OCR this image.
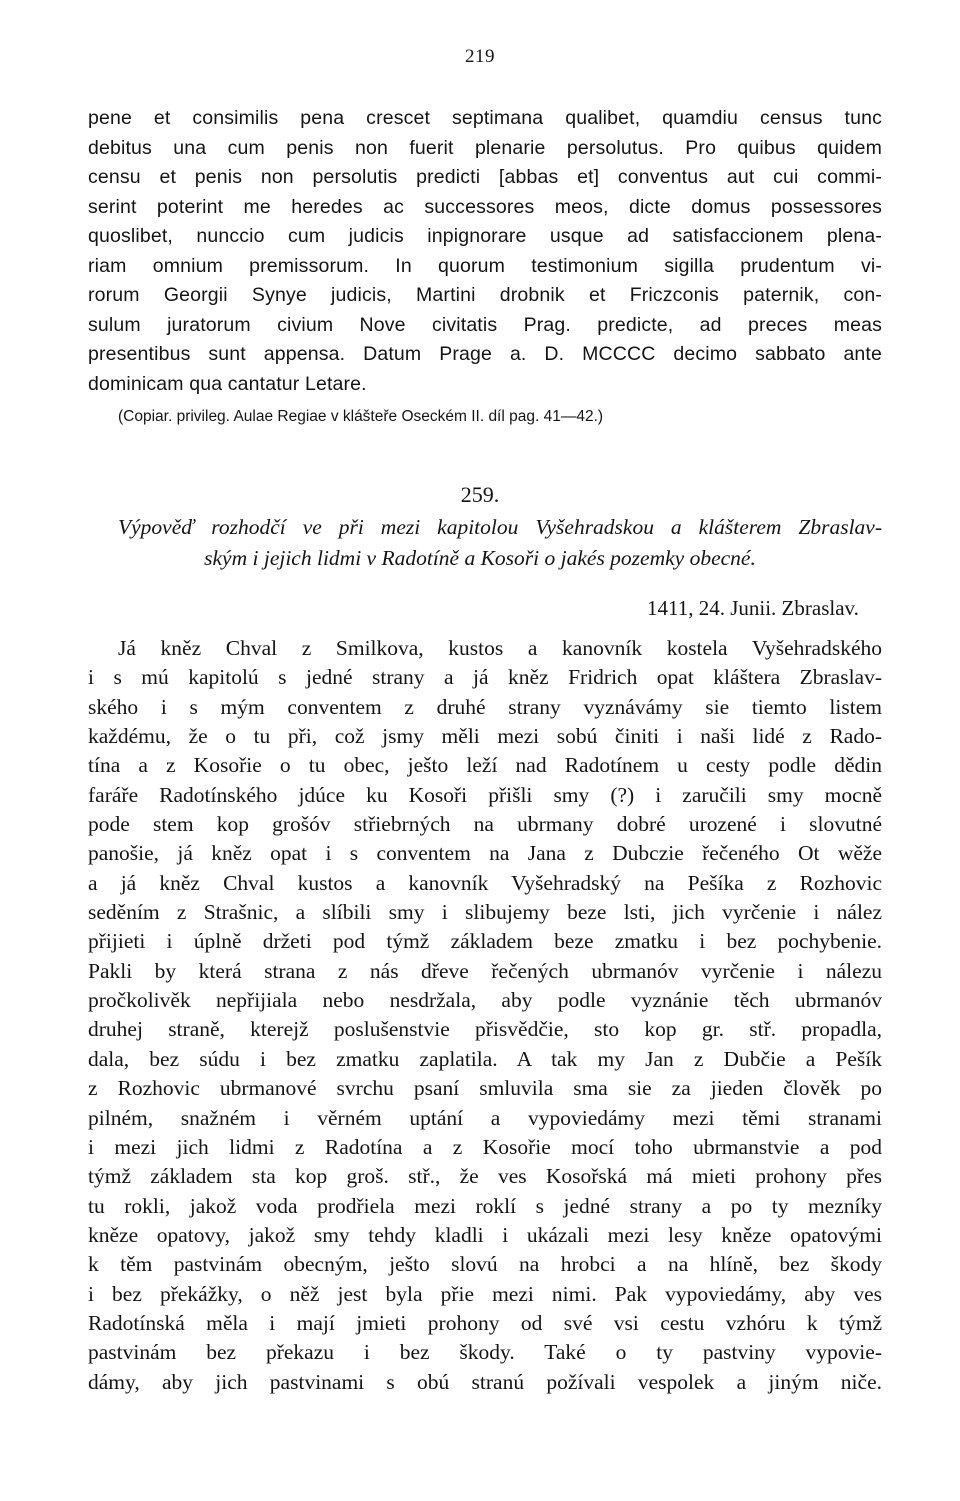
219
pene et consimilis pena crescet septimana qualibet, quamdiu census tunc
debitus una cum penis non fuerit plenarie persolutus. Pro quibus quidem
censu et penis non persolutis predicti [abbas et] conventus aut cui commi-
serint poterint me heredes ac successores meos, dicte domus possessores
quoslibet, nunccio cum judicis inpignorare usque ad satisfaccionem plena-
riam omnium premissorum. In quorum testimonium sigilla prudentum vi-
rorum Georgii Synye judicis, Martini drobnik et Friczconis paternik, con-
sulum juratorum civium Nove civitatis Prag. predicte, ad preces meas
presentibus sunt appensa. Datum Prage a. D. MCCCC decimo sabbato ante
dominicam qua cantatur Letare.
(Copiar. privileg. Aulae Regiae v klášteře Oseckém II. díl pag. 41—42.)
259.
Výpověď rozhodčí ve při mezi kapitolou Vyšehradskou a klášterem Zbraslav-
ským i jejich lidmi v Radotíně a Kosoři o jakés pozemky obecné.
1411, 24. Junii. Zbraslav.
Já kněz Chval z Smilkova, kustos a kanovník kostela Vyšehradského
i s mú kapitolú s jedné strany a já kněz Fridrich opat kláštera Zbraslav-
ského i s mým conventem z druhé strany vyznávámy sie tiemto listem
každému, že o tu při, což jsmy měli mezi sobú činiti i naši lidé z Rado-
tína a z Kosořie o tu obec, ješto leží nad Radotínem u cesty podle dědin
faráře Radotínského jdúce ku Kosoři přišli smy (?) i zaručili smy mocně
pode stem kop grošóv střiebrných na ubrmany dobré urozené i slovutné
panošie, já kněz opat i s conventem na Jana z Dubczie řečeného Ot wěže
a já kněz Chval kustos a kanovník Vyšehradský na Pešíka z Rozhovic
seděním z Strašnic, a slíbili smy i slibujemy beze lsti, jich vyrčenie i nález
přijieti i úplně držeti pod týmž základem beze zmatku i bez pochybenie.
Pakli by která strana z nás dřeve řečených ubrmanóv vyrčenie i nálezu
pročkolivěk nepřijiala nebo nesdržala, aby podle vyznánie těch ubrmanóv
druhej straně, kterejž poslušenstvie přisvědčie, sto kop gr. stř. propadla,
dala, bez súdu i bez zmatku zaplatila. A tak my Jan z Dubčie a Pešík
z Rozhovic ubrmanové svrchu psaní smluvila sma sie za jieden člověk po
pilném, snažném i věrném uptání a vypoviedámy mezi těmi stranami
i mezi jich lidmi z Radotína a z Kosořie mocí toho ubrmanstvie a pod
týmž základem sta kop groš. stř., že ves Kosořská má mieti prohony přes
tu rokli, jakož voda prodřiela mezi roklí s jedné strany a po ty mezníky
kněze opatovy, jakož smy tehdy kladli i ukázali mezi lesy kněze opatovými
k těm pastvinám obecným, ješto slovú na hrobci a na hlíně, bez škody
i bez překážky, o něž jest byla přie mezi nimi. Pak vypoviedámy, aby ves
Radotínská měla i mají jmieti prohony od své vsi cestu vzhóru k týmž
pastvinám bez překazu i bez škody. Také o ty pastviny vypovie-
dámy, aby jich pastvinami s obú stranú požívali vespolek a jiným niče.
